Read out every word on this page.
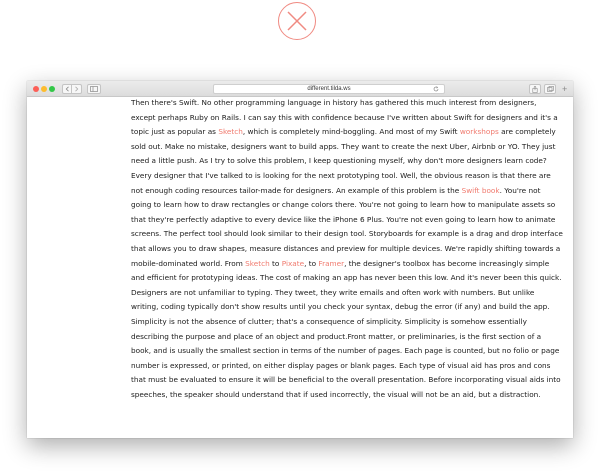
different.tilda.ws	+

Then there's Swift. No other programming language in history has gathered this much interest from designers, except perhaps Ruby on Rails. I can say this with confidence because I've written about Swift for designers and it's a topic just as popular as Sketch, which is completely mind-boggling. And most of my Swift workshops are completely sold out. Make no mistake, designers want to build apps. They want to create the next Uber, Airbnb or YO. They just need a little push. As I try to solve this problem, I keep questioning myself, why don't more designers learn code? Every designer that I've talked to is looking for the next prototyping tool. Well, the obvious reason is that there are not enough coding resources tailor-made for designers. An example of this problem is the Swift book. You're not going to learn how to draw rectangles or change colors there. You're not going to learn how to manipulate assets so that they're perfectly adaptive to every device like the iPhone 6 Plus. You're not even going to learn how to animate screens. The perfect tool should look similar to their design tool. Storyboards for example is a drag and drop interface that allows you to draw shapes, measure distances and preview for multiple devices. We're rapidly shifting towards a mobile-dominated world. From Sketch to Pixate, to Framer, the designer's toolbox has become increasingly simple and efficient for prototyping ideas. The cost of making an app has never been this low. And it's never been this quick. Designers are not unfamiliar to typing. They tweet, they write emails and often work with numbers. But unlike writing, coding typically don't show results until you check your syntax, debug the error (if any) and build the app. Simplicity is not the absence of clutter; that's a consequence of simplicity. Simplicity is somehow essentially describing the purpose and place of an object and product.Front matter, or preliminaries, is the first section of a book, and is usually the smallest section in terms of the number of pages. Each page is counted, but no folio or page number is expressed, or printed, on either display pages or blank pages. Each type of visual aid has pros and cons that must be evaluated to ensure it will be beneficial to the overall presentation. Before incorporating visual aids into speeches, the speaker should understand that if used incorrectly, the visual will not be an aid, but a distraction.
